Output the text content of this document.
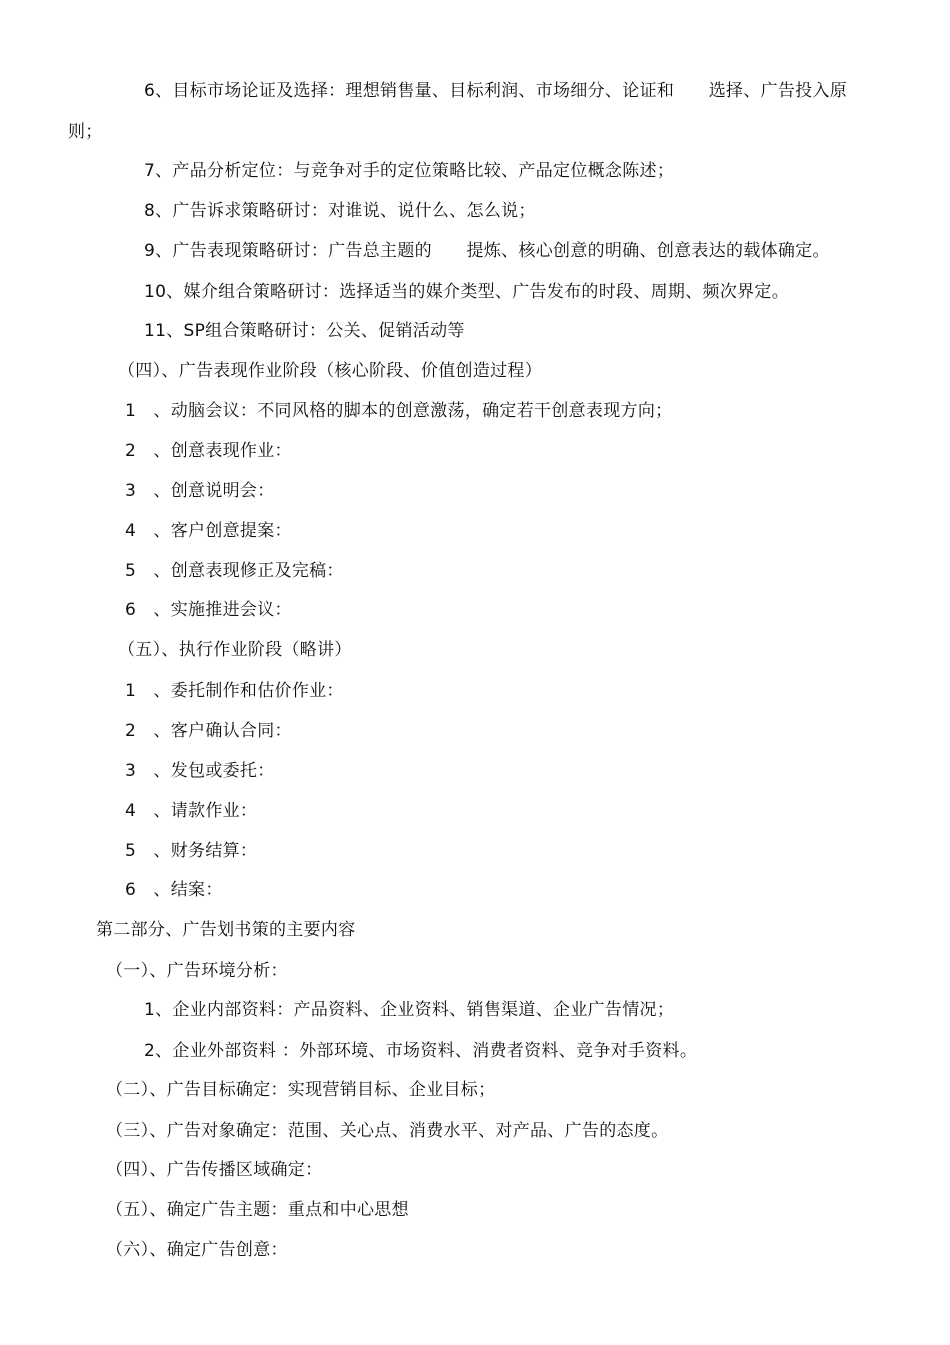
6、目标市场论证及选择：理想销售量、目标利润、市场细分、论证和　　选择、广告投入原
则；
7、产品分析定位：与竞争对手的定位策略比较、产品定位概念陈述；
8、广告诉求策略研讨：对谁说、说什么、怎么说；
9、广告表现策略研讨：广告总主题的　　提炼、核心创意的明确、创意表达的载体确定。
10、媒介组合策略研讨：选择适当的媒介类型、广告发布的时段、周期、频次界定。
11、SP组合策略研讨：公关、促销活动等
（四）、广告表现作业阶段（核心阶段、价值创造过程）
1　、动脑会议：不同风格的脚本的创意激荡，确定若干创意表现方向；
2　、创意表现作业：
3　、创意说明会：
4　、客户创意提案：
5　、创意表现修正及完稿：
6　、实施推进会议：
（五）、执行作业阶段（略讲）
1　、委托制作和估价作业：
2　、客户确认合同：
3　、发包或委托：
4　、请款作业：
5　、财务结算：
6　、结案：
第二部分、广告划书策的主要内容
（一）、广告环境分析：
1、企业内部资料：产品资料、企业资料、销售渠道、企业广告情况；
2、企业外部资料 ：外部环境、市场资料、消费者资料、竞争对手资料。
（二）、广告目标确定：实现营销目标、企业目标；
（三）、广告对象确定：范围、关心点、消费水平、对产品、广告的态度。
（四）、广告传播区域确定：
（五）、确定广告主题：重点和中心思想
（六）、确定广告创意：
